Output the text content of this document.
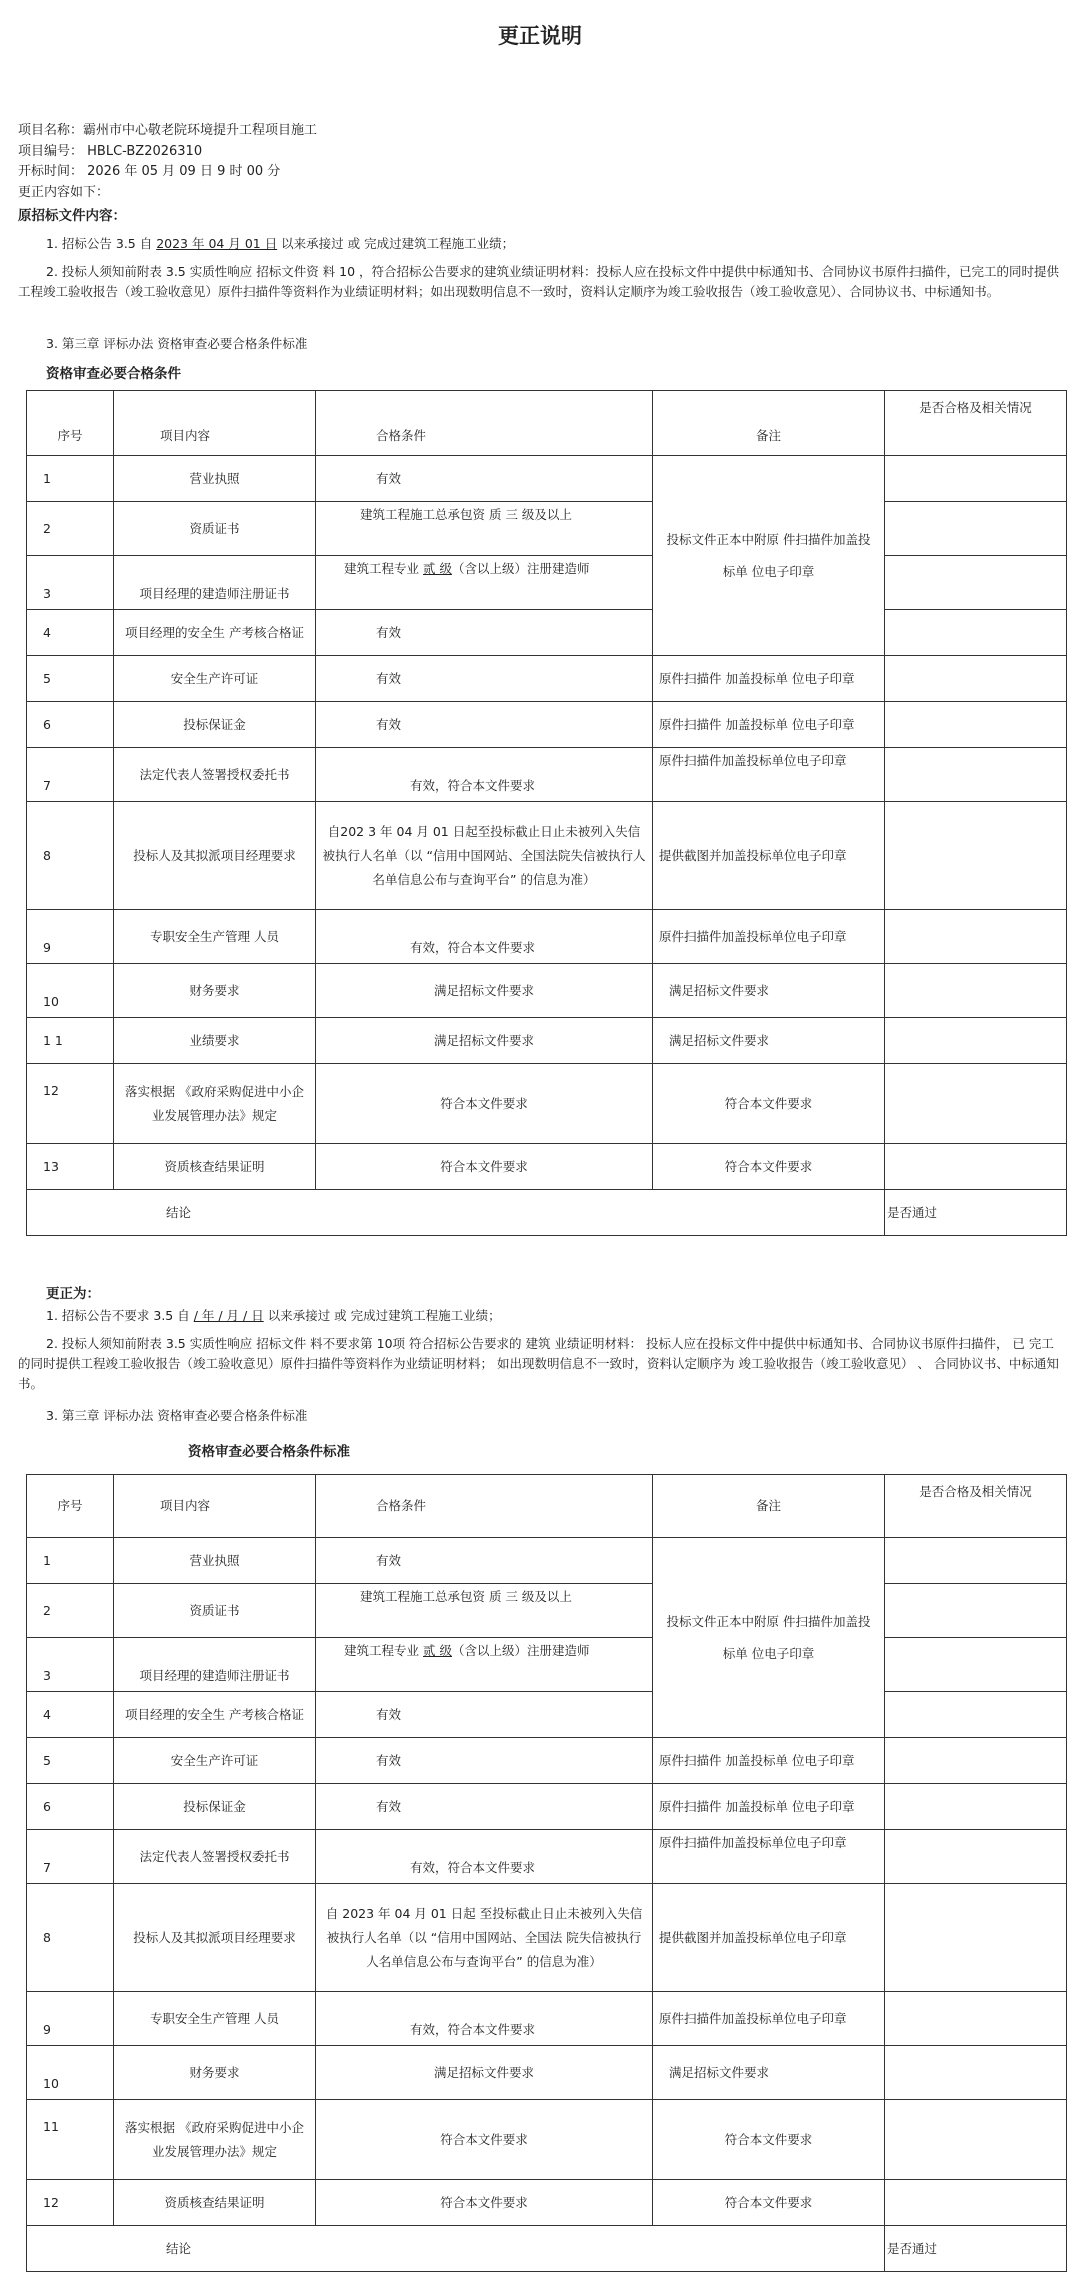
更正说明
项目名称：霸州市中心敬老院环境提升工程项目施工
项目编号： HBLC-BZ2026310
开标时间： 2026 年 05 月 09 日 9 时 00 分
更正内容如下：
原招标文件内容：
1. 招标公告 3.5 自 2023 年 04 月 01 日 以来承接过 或 完成过建筑工程施工业绩；
2. 投标人须知前附表 3.5 实质性响应 招标文件资 料 10 ，符合招标公告要求的建筑业绩证明材料：投标人应在投标文件中提供中标通知书、合同协议书原件扫描件，已完工的同时提供工程竣工验收报告（竣工验收意见）原件扫描件等资料作为业绩证明材料；如出现数明信息不一致时，资料认定顺序为竣工验收报告（竣工验收意见）、合同协议书、中标通知书。
3. 第三章 评标办法 资格审查必要合格条件标准
资格审查必要合格条件
序号	项目内容	合格条件	备注	是否合格及相关情况
1	营业执照	有效	投标文件正本中附原 件扫描件加盖投标单 位电子印章	
2	资质证书	建筑工程施工总承包资 质 三 级及以上		
3	项目经理的建造师注册证书	建筑工程专业 贰 级（含以上级）注册建造师		
4	项目经理的安全生 产考核合格证	有效		
5	安全生产许可证	有效	原件扫描件 加盖投标单 位电子印章	
6	投标保证金	有效	原件扫描件 加盖投标单 位电子印章	
7	法定代表人签署授权委托书	有效，符合本文件要求	原件扫描件加盖投标单位电子印章	
8	投标人及其拟派项目经理要求	自202 3 年 04 月 01 日起至投标截止日止未被列入失信被执行人名单（以 “信用中国网站、全国法院失信被执行人名单信息公布与查询平台” 的信息为准）	提供截图并加盖投标单位电子印章	
9	专职安全生产管理 人员	有效，符合本文件要求	原件扫描件加盖投标单位电子印章	
10	财务要求	满足招标文件要求	满足招标文件要求	
1 1	业绩要求	满足招标文件要求	满足招标文件要求	
12	落实根据 《政府采购促进中小企业发展管理办法》规定	符合本文件要求	符合本文件要求	
13	资质核查结果证明	符合本文件要求	符合本文件要求	
结论				是否通过
更正为：
1. 招标公告不要求 3.5 自 / 年 / 月 / 日 以来承接过 或 完成过建筑工程施工业绩；
2. 投标人须知前附表 3.5 实质性响应 招标文件 料不要求第 10项 符合招标公告要求的 建筑 业绩证明材料： 投标人应在投标文件中提供中标通知书、合同协议书原件扫描件， 已 完工的同时提供工程竣工验收报告（竣工验收意见）原件扫描件等资料作为业绩证明材料； 如出现数明信息不一致时，资料认定顺序为 竣工验收报告（竣工验收意见） 、 合同协议书、中标通知书。
3. 第三章 评标办法 资格审查必要合格条件标准
资格审查必要合格条件标准
序号	项目内容	合格条件	备注	是否合格及相关情况
1	营业执照	有效	投标文件正本中附原 件扫描件加盖投标单 位电子印章	
2	资质证书	建筑工程施工总承包资 质 三 级及以上		
3	项目经理的建造师注册证书	建筑工程专业 贰 级（含以上级）注册建造师		
4	项目经理的安全生 产考核合格证	有效		
5	安全生产许可证	有效	原件扫描件 加盖投标单 位电子印章	
6	投标保证金	有效	原件扫描件 加盖投标单 位电子印章	
7	法定代表人签署授权委托书	有效，符合本文件要求	原件扫描件加盖投标单位电子印章	
8	投标人及其拟派项目经理要求	自 2023 年 04 月 01 日起 至投标截止日止未被列入失信被执行人名单（以 “信用中国网站、全国法 院失信被执行人名单信息公布与查询平台” 的信息为准）	提供截图并加盖投标单位电子印章	
9	专职安全生产管理 人员	有效，符合本文件要求	原件扫描件加盖投标单位电子印章	
10	财务要求	满足招标文件要求	满足招标文件要求	
11	落实根据 《政府采购促进中小企业发展管理办法》规定	符合本文件要求	符合本文件要求	
12	资质核查结果证明	符合本文件要求	符合本文件要求	
结论				是否通过
